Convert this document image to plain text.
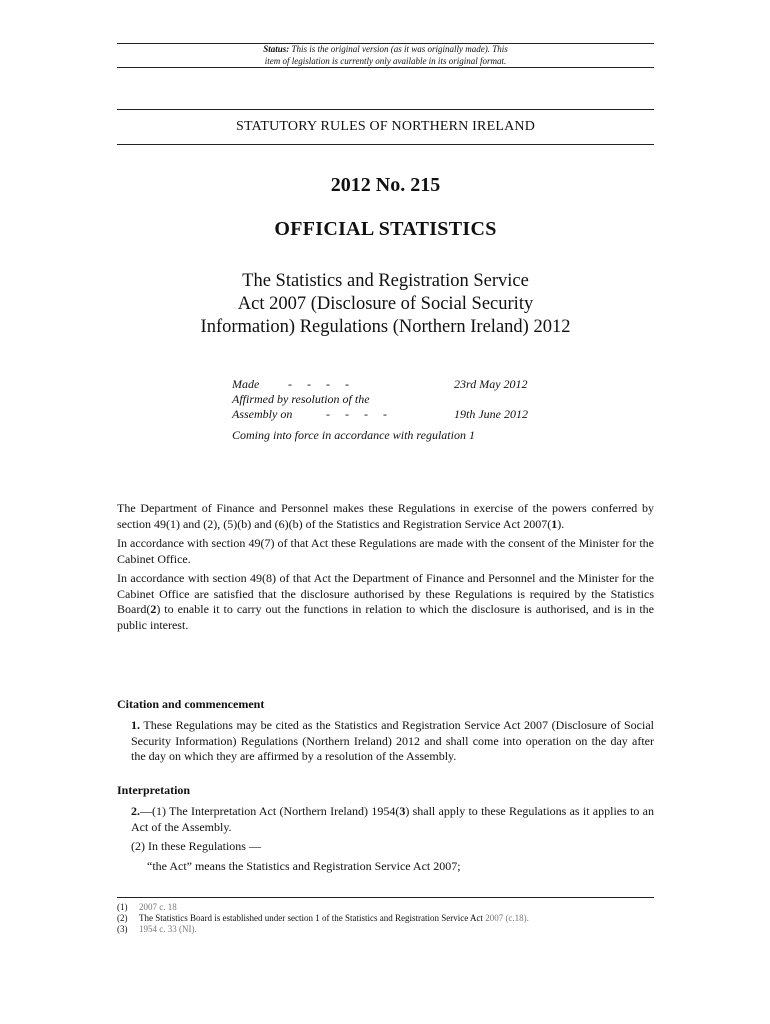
Status: This is the original version (as it was originally made). This
item of legislation is currently only available in its original format.
STATUTORY RULES OF NORTHERN IRELAND
2012 No. 215
OFFICIAL STATISTICS
The Statistics and Registration Service
Act 2007 (Disclosure of Social Security
Information) Regulations (Northern Ireland) 2012
Made -     -     -     -	23rd May 2012
Affirmed by resolution of the
Assembly on	-     -     -     -	19th June 2012
Coming into force in accordance with regulation 1

The Department of Finance and Personnel makes these Regulations in exercise of the powers conferred by section 49(1) and (2), (5)(b) and (6)(b) of the Statistics and Registration Service Act 2007(1).

In accordance with section 49(7) of that Act these Regulations are made with the consent of the Minister for the Cabinet Office.

In accordance with section 49(8) of that Act the Department of Finance and Personnel and the Minister for the Cabinet Office are satisfied that the disclosure authorised by these Regulations is required by the Statistics Board(2) to enable it to carry out the functions in relation to which the disclosure is authorised, and is in the public interest.

Citation and commencement

1. These Regulations may be cited as the Statistics and Registration Service Act 2007 (Disclosure of Social Security Information) Regulations (Northern Ireland) 2012 and shall come into operation on the day after the day on which they are affirmed by a resolution of the Assembly.

Interpretation

2.—(1) The Interpretation Act (Northern Ireland) 1954(3) shall apply to these Regulations as it applies to an Act of the Assembly.

(2) In these Regulations —

“the Act” means the Statistics and Registration Service Act 2007;

(1)	2007 c. 18
(2)	The Statistics Board is established under section 1 of the Statistics and Registration Service Act 2007 (c.18).
(3)	1954 c. 33 (NI).
